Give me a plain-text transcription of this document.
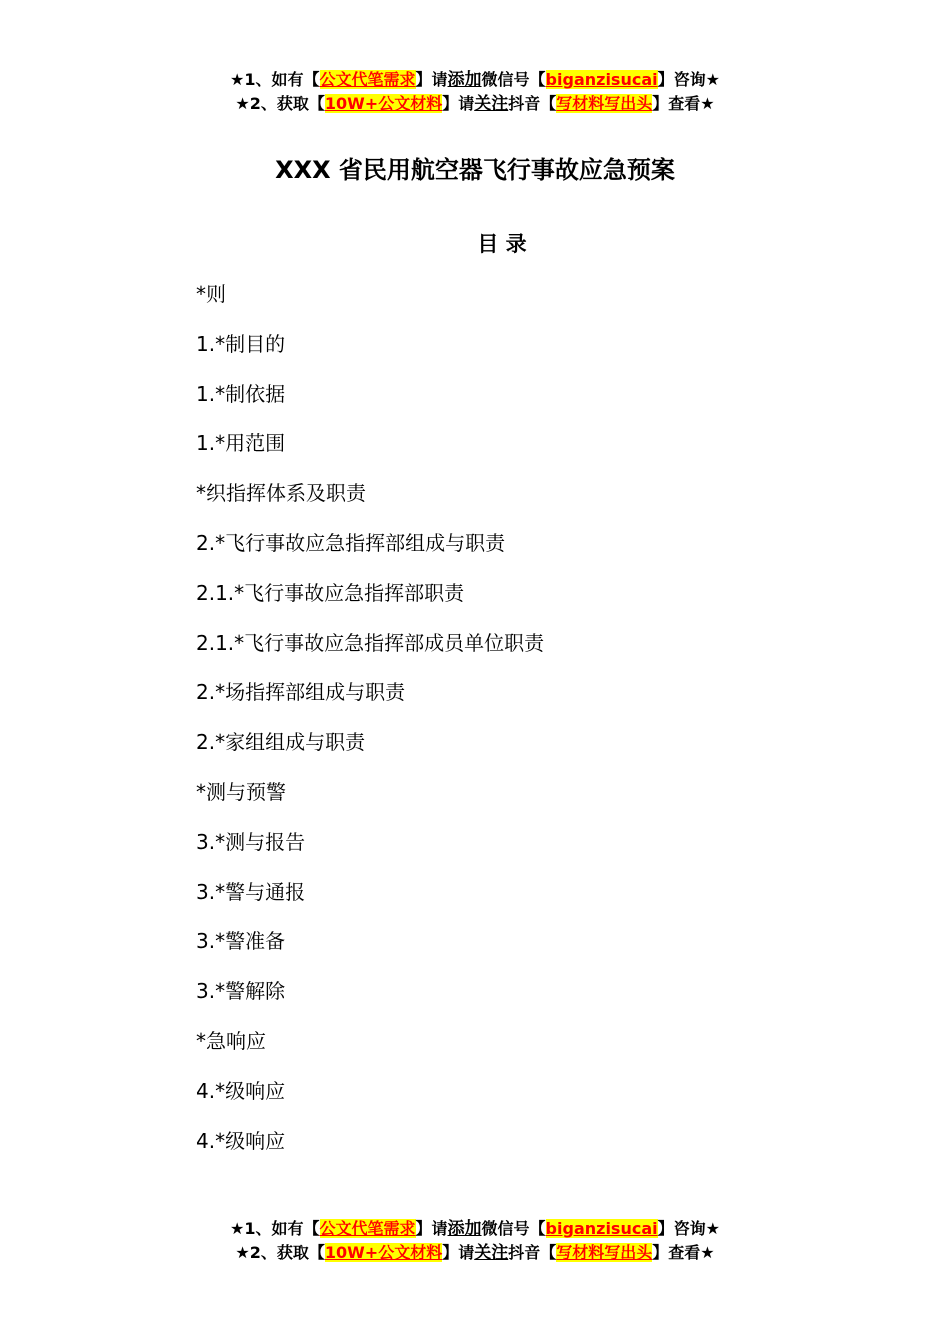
★1、如有【公文代笔需求】请添加微信号【biganzisucai】咨询★
★2、获取【10W+公文材料】请关注抖音【写材料写出头】查看★
XXX 省民用航空器飞行事故应急预案
目 录
*则
1.*制目的
1.*制依据
1.*用范围
*织指挥体系及职责
2.*飞行事故应急指挥部组成与职责
2.1.*飞行事故应急指挥部职责
2.1.*飞行事故应急指挥部成员单位职责
2.*场指挥部组成与职责
2.*家组组成与职责
*测与预警
3.*测与报告
3.*警与通报
3.*警准备
3.*警解除
*急响应
4.*级响应
4.*级响应
★1、如有【公文代笔需求】请添加微信号【biganzisucai】咨询★
★2、获取【10W+公文材料】请关注抖音【写材料写出头】查看★
